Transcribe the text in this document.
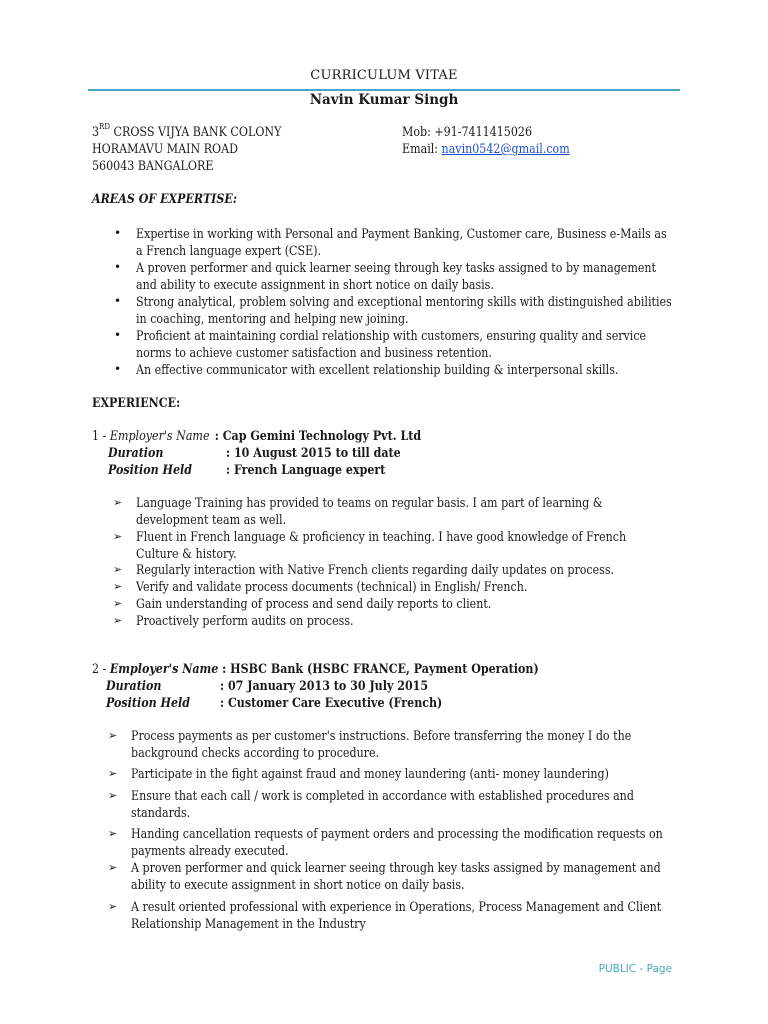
CURRICULUM VITAE
Navin Kumar Singh
3RD CROSS VIJYA BANK COLONY
HORAMAVU MAIN ROAD
560043 BANGALORE
Mob: +91-7411415026
Email: navin0542@gmail.com
AREAS OF EXPERTISE:
• Expertise in working with Personal and Payment Banking, Customer care, Business e-Mails as a French language expert (CSE).
• A proven performer and quick learner seeing through key tasks assigned to by management and ability to execute assignment in short notice on daily basis.
• Strong analytical, problem solving and exceptional mentoring skills with distinguished abilities in coaching, mentoring and helping new joining.
• Proficient at maintaining cordial relationship with customers, ensuring quality and service norms to achieve customer satisfaction and business retention.
• An effective communicator with excellent relationship building & interpersonal skills.
EXPERIENCE:
1 - Employer's Name : Cap Gemini Technology Pvt. Ltd
Duration	: 10 August 2015 to till date
Position Held	: French Language expert
➢ Language Training has provided to teams on regular basis. I am part of learning & development team as well.
➢ Fluent in French language & proficiency in teaching. I have good knowledge of French Culture & history.
➢ Regularly interaction with Native French clients regarding daily updates on process.
➢ Verify and validate process documents (technical) in English/ French.
➢ Gain understanding of process and send daily reports to client.
➢ Proactively perform audits on process.
2 - Employer's Name : HSBC Bank (HSBC FRANCE, Payment Operation)
Duration	: 07 January 2013 to 30 July 2015
Position Held	: Customer Care Executive (French)
➢ Process payments as per customer's instructions. Before transferring the money I do the background checks according to procedure.
➢ Participate in the fight against fraud and money laundering (anti- money laundering)
➢ Ensure that each call / work is completed in accordance with established procedures and standards.
➢ Handing cancellation requests of payment orders and processing the modification requests on payments already executed.
➢ A proven performer and quick learner seeing through key tasks assigned by management and ability to execute assignment in short notice on daily basis.
➢ A result oriented professional with experience in Operations, Process Management and Client Relationship Management in the Industry
PUBLIC - Page
